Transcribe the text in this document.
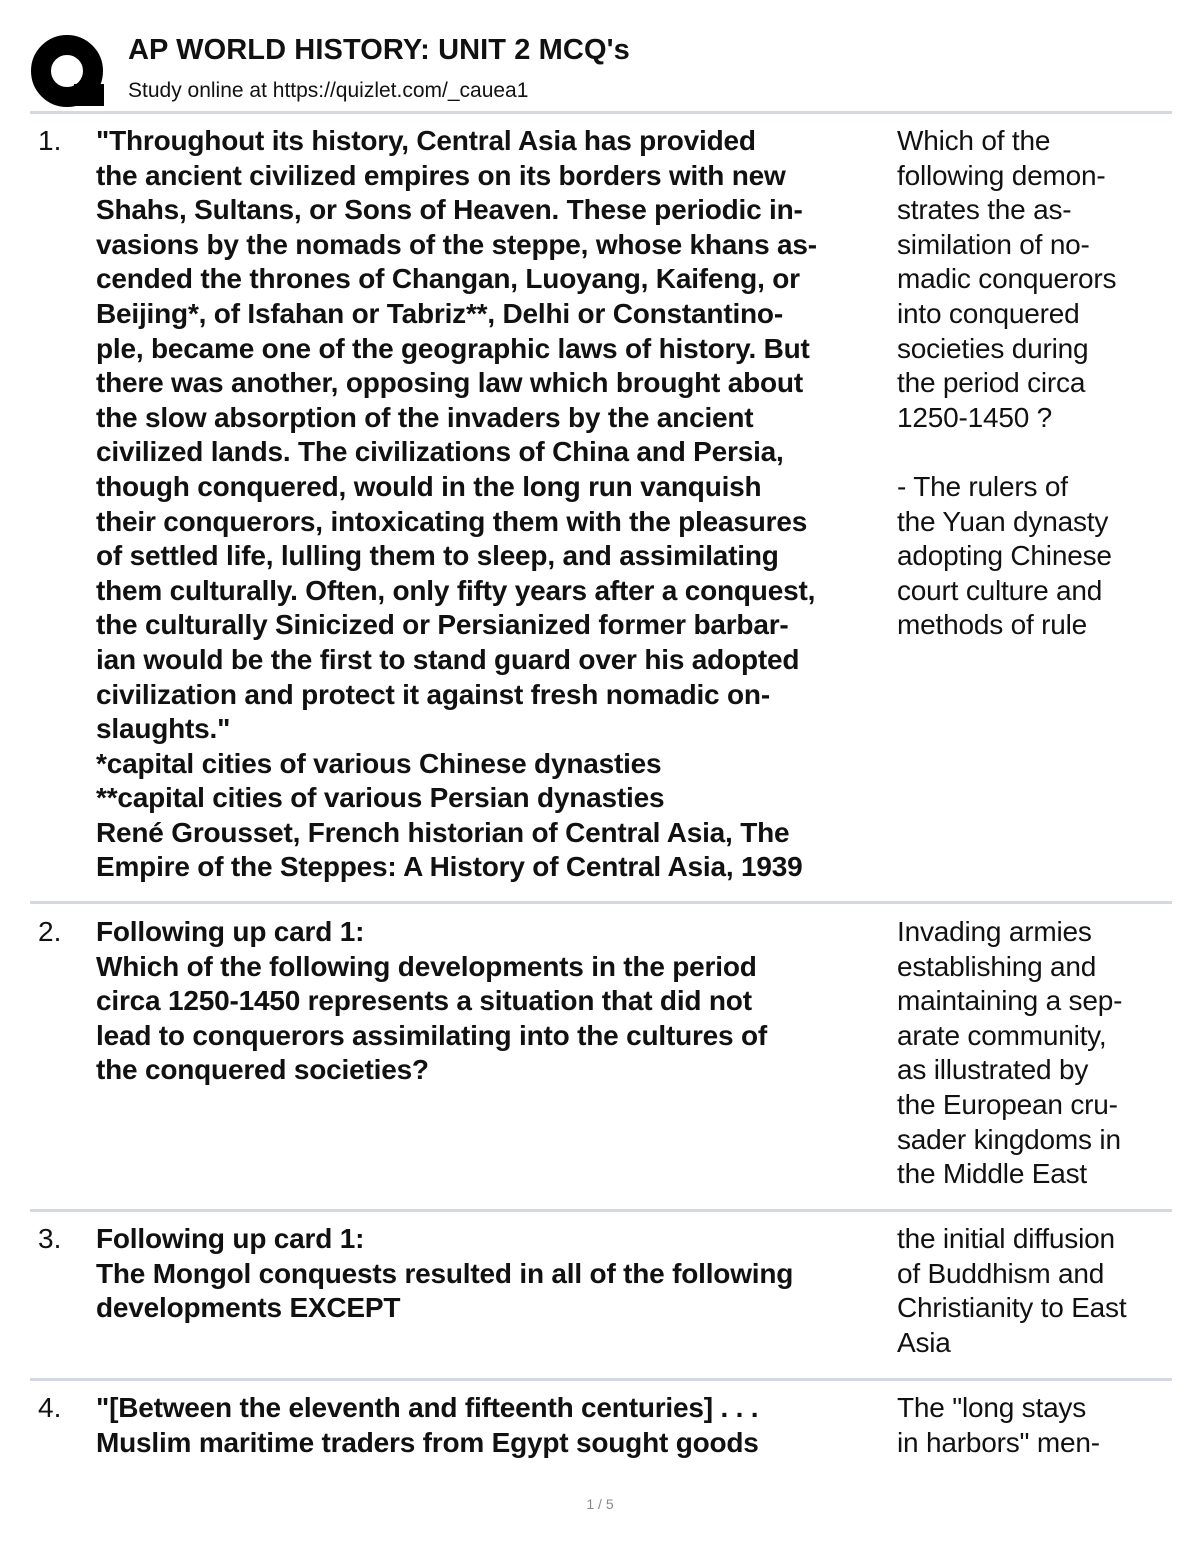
AP WORLD HISTORY: UNIT 2 MCQ's
Study online at https://quizlet.com/_cauea1
1. "Throughout its history, Central Asia has provided
the ancient civilized empires on its borders with new
Shahs, Sultans, or Sons of Heaven. These periodic in-
vasions by the nomads of the steppe, whose khans as-
cended the thrones of Changan, Luoyang, Kaifeng, or
Beijing*, of Isfahan or Tabriz**, Delhi or Constantino-
ple, became one of the geographic laws of history. But
there was another, opposing law which brought about
the slow absorption of the invaders by the ancient
civilized lands. The civilizations of China and Persia,
though conquered, would in the long run vanquish
their conquerors, intoxicating them with the pleasures
of settled life, lulling them to sleep, and assimilating
them culturally. Often, only fifty years after a conquest,
the culturally Sinicized or Persianized former barbar-
ian would be the first to stand guard over his adopted
civilization and protect it against fresh nomadic on-
slaughts."
*capital cities of various Chinese dynasties
**capital cities of various Persian dynasties
René Grousset, French historian of Central Asia, The
Empire of the Steppes: A History of Central Asia, 1939
Which of the
following demon-
strates the as-
similation of no-
madic conquerors
into conquered
societies during
the period circa
1250-1450 ?

- The rulers of
the Yuan dynasty
adopting Chinese
court culture and
methods of rule
2. Following up card 1:
Which of the following developments in the period
circa 1250-1450 represents a situation that did not
lead to conquerors assimilating into the cultures of
the conquered societies?
Invading armies
establishing and
maintaining a sep-
arate community,
as illustrated by
the European cru-
sader kingdoms in
the Middle East
3. Following up card 1:
The Mongol conquests resulted in all of the following
developments EXCEPT
the initial diffusion
of Buddhism and
Christianity to East
Asia
4. "[Between the eleventh and fifteenth centuries] . . .
Muslim maritime traders from Egypt sought goods
The "long stays
in harbors" men-
1 / 5
